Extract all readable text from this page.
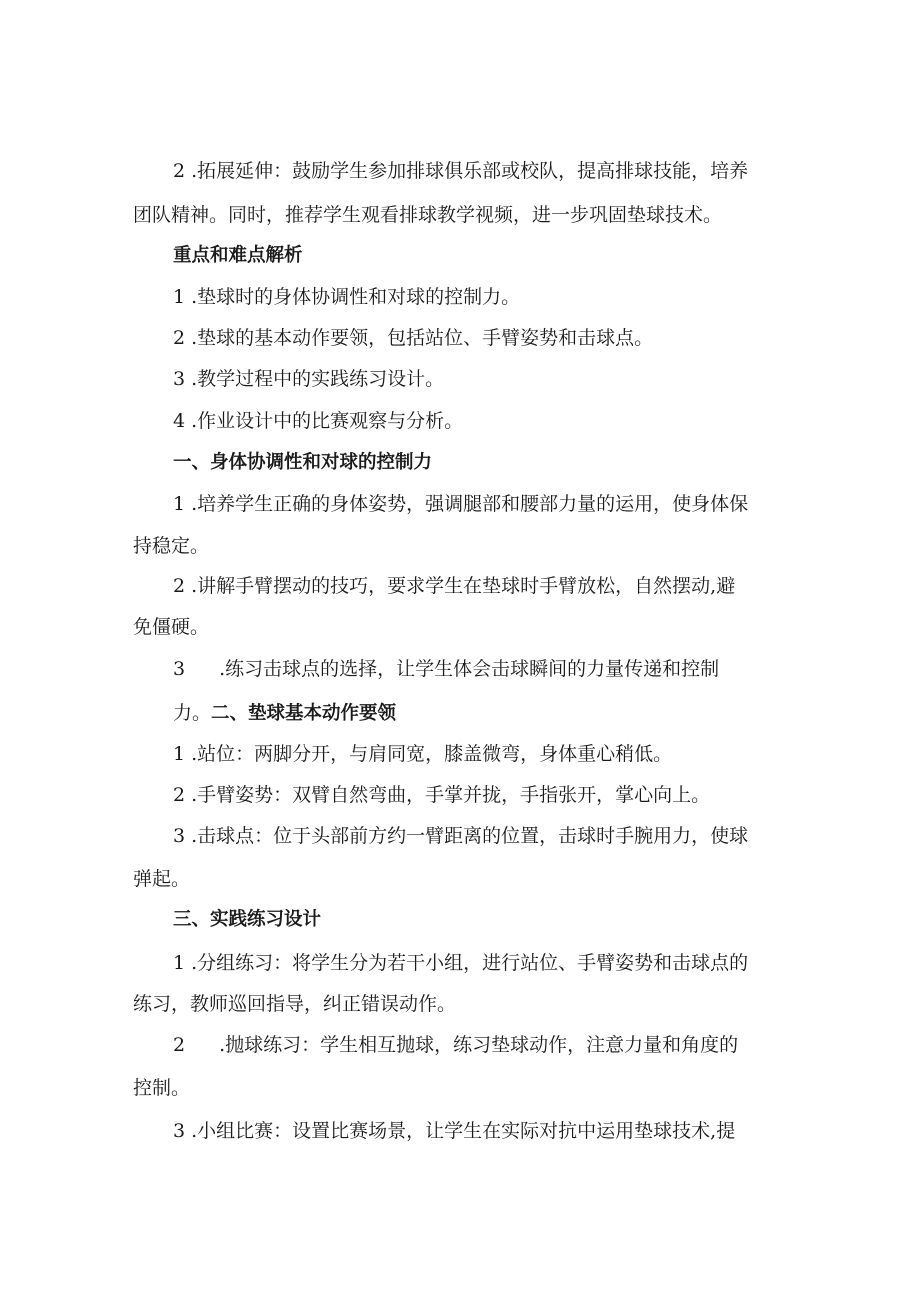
2 .拓展延伸：鼓励学生参加排球俱乐部或校队，提高排球技能，培养
团队精神。同时，推荐学生观看排球教学视频，进一步巩固垫球技术。
重点和难点解析
1 .垫球时的身体协调性和对球的控制力。
2 .垫球的基本动作要领，包括站位、手臂姿势和击球点。
3 .教学过程中的实践练习设计。
4 .作业设计中的比赛观察与分析。
一、身体协调性和对球的控制力
1 .培养学生正确的身体姿势，强调腿部和腰部力量的运用，使身体保
持稳定。
2 .讲解手臂摆动的技巧，要求学生在垫球时手臂放松，自然摆动,避
免僵硬。
3 .练习击球点的选择，让学生体会击球瞬间的力量传递和控制
力。二、垫球基本动作要领
1 .站位：两脚分开，与肩同宽，膝盖微弯，身体重心稍低。
2 .手臂姿势：双臂自然弯曲，手掌并拢，手指张开，掌心向上。
3 .击球点：位于头部前方约一臂距离的位置，击球时手腕用力，使球
弹起。
三、实践练习设计
1 .分组练习：将学生分为若干小组，进行站位、手臂姿势和击球点的
练习，教师巡回指导，纠正错误动作。
2 .抛球练习：学生相互抛球，练习垫球动作，注意力量和角度的
控制。
3 .小组比赛：设置比赛场景，让学生在实际对抗中运用垫球技术,提
